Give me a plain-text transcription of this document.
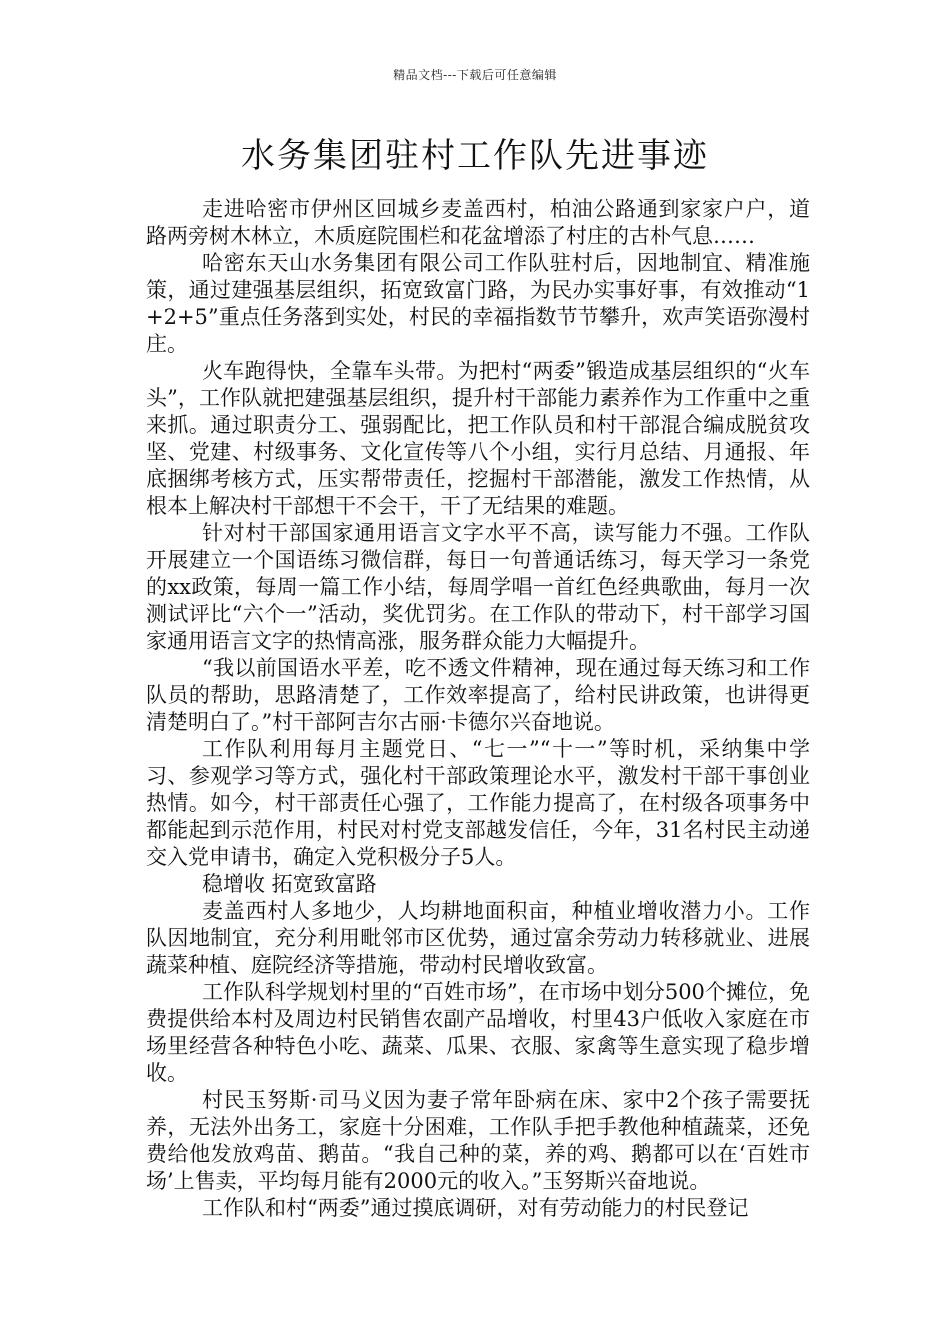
精品文档---下载后可任意编辑
水务集团驻村工作队先进事迹

走进哈密市伊州区回城乡麦盖西村，柏油公路通到家家户户，道路两旁树木林立，木质庭院围栏和花盆增添了村庄的古朴气息……

哈密东天山水务集团有限公司工作队驻村后，因地制宜、精准施策，通过建强基层组织，拓宽致富门路，为民办实事好事，有效推动“1+2+5”重点任务落到实处，村民的幸福指数节节攀升，欢声笑语弥漫村庄。

火车跑得快，全靠车头带。为把村“两委”锻造成基层组织的“火车头”，工作队就把建强基层组织，提升村干部能力素养作为工作重中之重来抓。通过职责分工、强弱配比，把工作队员和村干部混合编成脱贫攻坚、党建、村级事务、文化宣传等八个小组，实行月总结、月通报、年底捆绑考核方式，压实帮带责任，挖掘村干部潜能，激发工作热情，从根本上解决村干部想干不会干，干了无结果的难题。

针对村干部国家通用语言文字水平不高，读写能力不强。工作队开展建立一个国语练习微信群，每日一句普通话练习，每天学习一条党的xx政策，每周一篇工作小结，每周学唱一首红色经典歌曲，每月一次测试评比“六个一”活动，奖优罚劣。在工作队的带动下，村干部学习国家通用语言文字的热情高涨，服务群众能力大幅提升。

“我以前国语水平差，吃不透文件精神，现在通过每天练习和工作队员的帮助，思路清楚了，工作效率提高了，给村民讲政策，也讲得更清楚明白了。”村干部阿吉尔古丽·卡德尔兴奋地说。

工作队利用每月主题党日、“七一”“十一”等时机，采纳集中学习、参观学习等方式，强化村干部政策理论水平，激发村干部干事创业热情。如今，村干部责任心强了，工作能力提高了，在村级各项事务中都能起到示范作用，村民对村党支部越发信任，今年，31名村民主动递交入党申请书，确定入党积极分子5人。

稳增收 拓宽致富路

麦盖西村人多地少，人均耕地面积亩，种植业增收潜力小。工作队因地制宜，充分利用毗邻市区优势，通过富余劳动力转移就业、进展蔬菜种植、庭院经济等措施，带动村民增收致富。

工作队科学规划村里的“百姓市场”，在市场中划分500个摊位，免费提供给本村及周边村民销售农副产品增收，村里43户低收入家庭在市场里经营各种特色小吃、蔬菜、瓜果、衣服、家禽等生意实现了稳步增收。

村民玉努斯·司马义因为妻子常年卧病在床、家中2个孩子需要抚养，无法外出务工，家庭十分困难，工作队手把手教他种植蔬菜，还免费给他发放鸡苗、鹅苗。“我自己种的菜，养的鸡、鹅都可以在‘百姓市场’上售卖，平均每月能有2000元的收入。”玉努斯兴奋地说。

工作队和村“两委”通过摸底调研，对有劳动能力的村民登记
